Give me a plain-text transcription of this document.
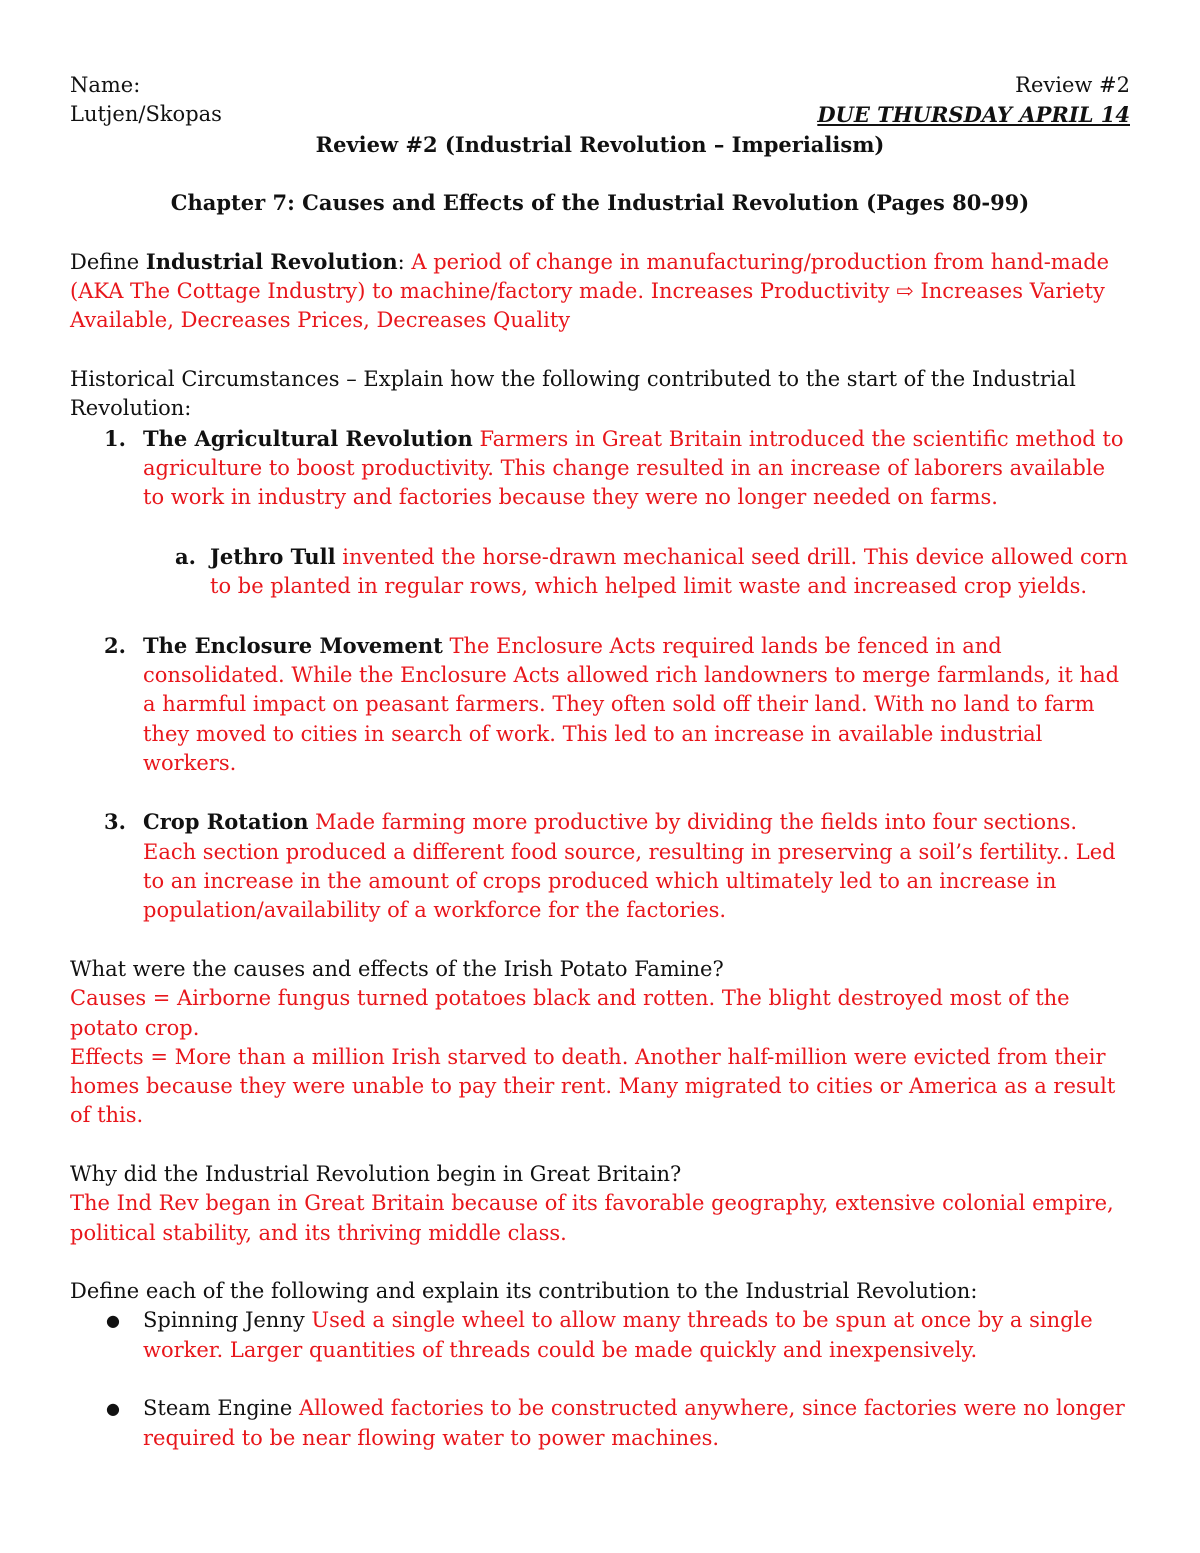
Name:	Review #2
Lutjen/Skopas	DUE THURSDAY APRIL 14

Review #2 (Industrial Revolution – Imperialism)

Chapter 7: Causes and Effects of the Industrial Revolution (Pages 80-99)

Define Industrial Revolution: A period of change in manufacturing/production from hand-made (AKA The Cottage Industry) to machine/factory made. Increases Productivity ⇨ Increases Variety Available, Decreases Prices, Decreases Quality

Historical Circumstances – Explain how the following contributed to the start of the Industrial Revolution:

1. The Agricultural Revolution Farmers in Great Britain introduced the scientific method to agriculture to boost productivity. This change resulted in an increase of laborers available to work in industry and factories because they were no longer needed on farms.
a. Jethro Tull invented the horse-drawn mechanical seed drill. This device allowed corn to be planted in regular rows, which helped limit waste and increased crop yields.
2. The Enclosure Movement The Enclosure Acts required lands be fenced in and consolidated. While the Enclosure Acts allowed rich landowners to merge farmlands, it had a harmful impact on peasant farmers. They often sold off their land. With no land to farm they moved to cities in search of work. This led to an increase in available industrial workers.
3. Crop Rotation Made farming more productive by dividing the fields into four sections. Each section produced a different food source, resulting in preserving a soil’s fertility.. Led to an increase in the amount of crops produced which ultimately led to an increase in population/availability of a workforce for the factories.

What were the causes and effects of the Irish Potato Famine?

Causes = Airborne fungus turned potatoes black and rotten. The blight destroyed most of the potato crop.

Effects = More than a million Irish starved to death. Another half-million were evicted from their homes because they were unable to pay their rent. Many migrated to cities or America as a result of this.

Why did the Industrial Revolution begin in Great Britain?

The Ind Rev began in Great Britain because of its favorable geography, extensive colonial empire, political stability, and its thriving middle class.

Define each of the following and explain its contribution to the Industrial Revolution:

● Spinning Jenny Used a single wheel to allow many threads to be spun at once by a single worker. Larger quantities of threads could be made quickly and inexpensively.
● Steam Engine Allowed factories to be constructed anywhere, since factories were no longer required to be near flowing water to power machines.
